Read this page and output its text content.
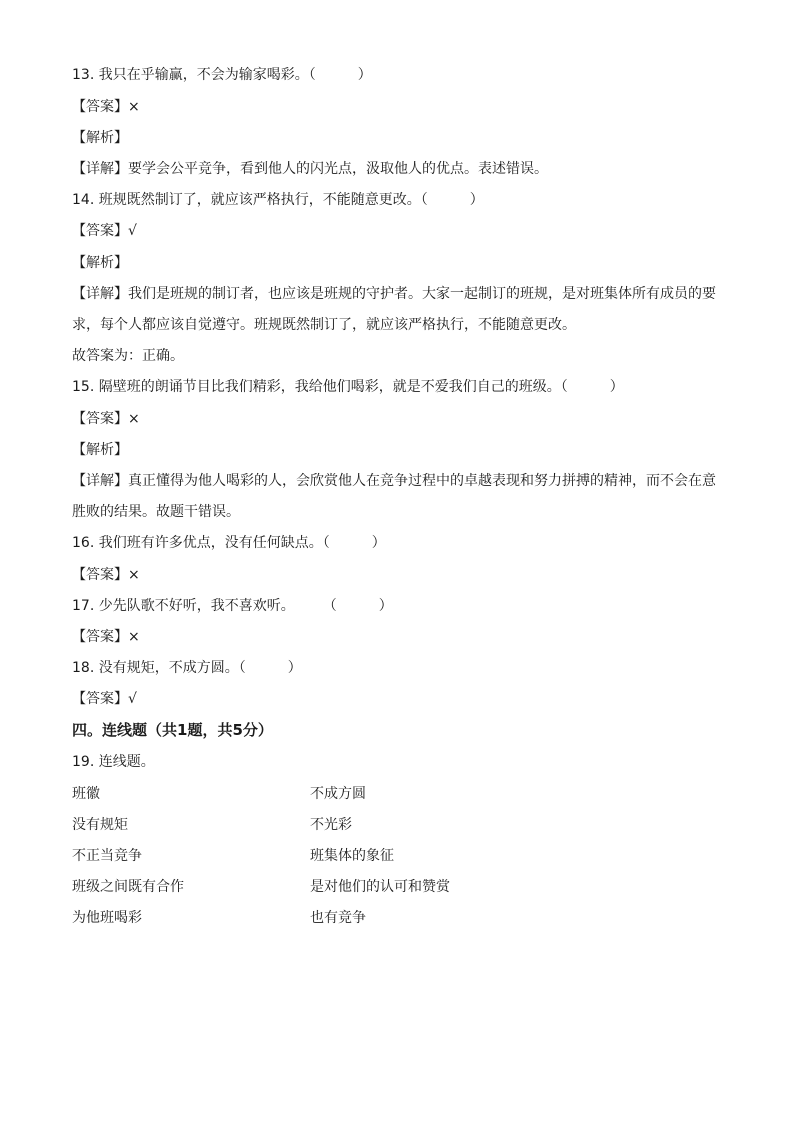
13. 我只在乎输赢，不会为输家喝彩。（　　　）
【答案】×
【解析】
【详解】要学会公平竞争，看到他人的闪光点，汲取他人的优点。表述错误。
14. 班规既然制订了，就应该严格执行，不能随意更改。（　　　）
【答案】√
【解析】
【详解】我们是班规的制订者，也应该是班规的守护者。大家一起制订的班规，是对班集体所有成员的要
求，每个人都应该自觉遵守。班规既然制订了，就应该严格执行，不能随意更改。
故答案为：正确。
15. 隔壁班的朗诵节目比我们精彩，我给他们喝彩，就是不爱我们自己的班级。（　　　）
【答案】×
【解析】
【详解】真正懂得为他人喝彩的人，会欣赏他人在竞争过程中的卓越表现和努力拼搏的精神，而不会在意
胜败的结果。故题干错误。
16. 我们班有许多优点，没有任何缺点。（　　　）
【答案】×
17. 少先队歌不好听，我不喜欢听。　　　（　　　）
【答案】×
18. 没有规矩，不成方圆。（　　　）
【答案】√
四。连线题（共1题，共5分）
19. 连线题。
班徽	不成方圆
没有规矩	不光彩
不正当竞争	班集体的象征
班级之间既有合作	是对他们的认可和赞赏
为他班喝彩	也有竞争
